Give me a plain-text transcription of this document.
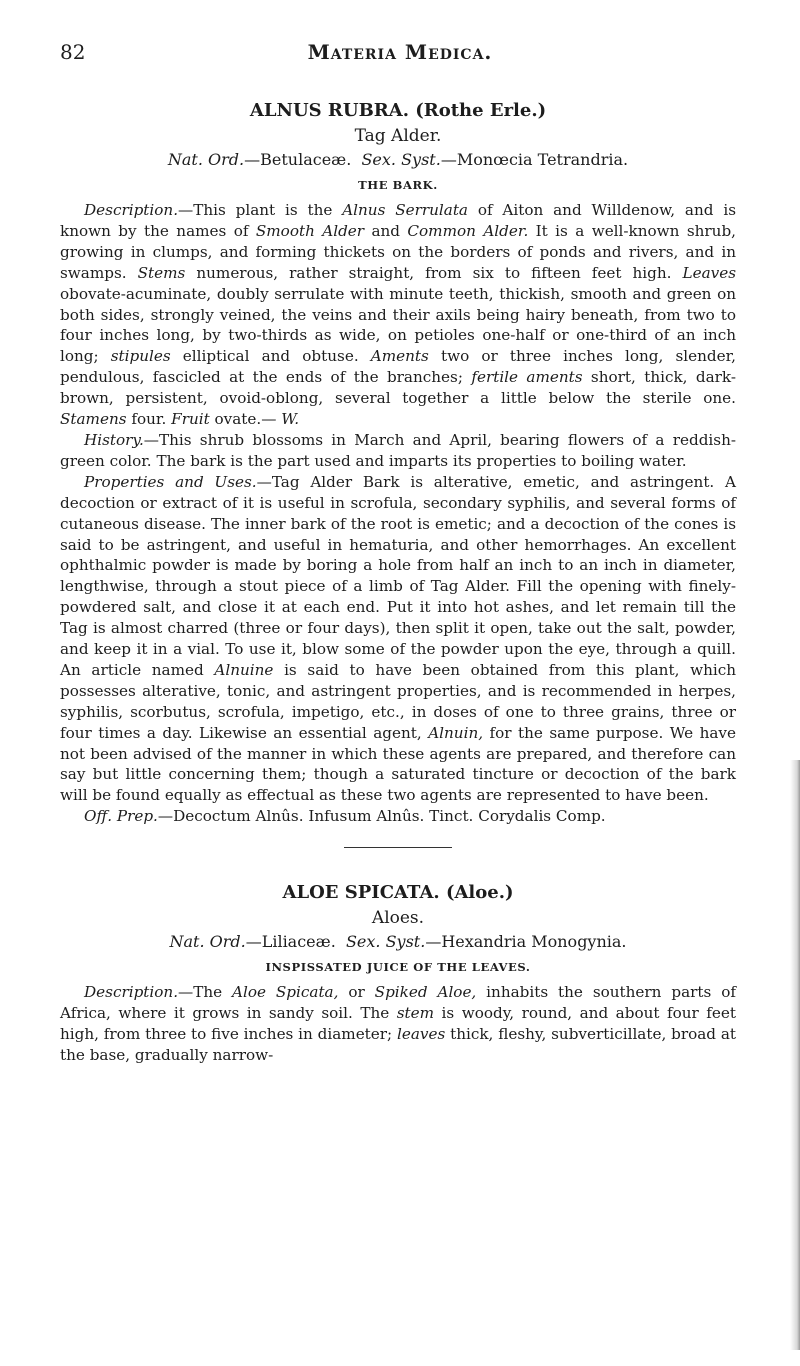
82	Materia Medica.
ALNUS RUBRA. (Rothe Erle.)
Tag Alder.
Nat. Ord.—Betulaceæ. Sex. Syst.—Monœcia Tetrandria.
THE BARK.

Description.—This plant is the Alnus Serrulata of Aiton and Willdenow, and is known by the names of Smooth Alder and Common Alder. It is a well-known shrub, growing in clumps, and forming thickets on the borders of ponds and rivers, and in swamps. Stems numerous, rather straight, from six to fifteen feet high. Leaves obovate-acuminate, doubly serrulate with minute teeth, thickish, smooth and green on both sides, strongly veined, the veins and their axils being hairy beneath, from two to four inches long, by two-thirds as wide, on petioles one-half or one-third of an inch long; stipules elliptical and obtuse. Aments two or three inches long, slender, pendulous, fascicled at the ends of the branches; fertile aments short, thick, dark-brown, persistent, ovoid-oblong, several together a little below the sterile one. Stamens four. Fruit ovate.— W.

History.—This shrub blossoms in March and April, bearing flowers of a reddish-green color. The bark is the part used and imparts its properties to boiling water.

Properties and Uses.—Tag Alder Bark is alterative, emetic, and astringent. A decoction or extract of it is useful in scrofula, secondary syphilis, and several forms of cutaneous disease. The inner bark of the root is emetic; and a decoction of the cones is said to be astringent, and useful in hematuria, and other hemorrhages. An excellent ophthalmic powder is made by boring a hole from half an inch to an inch in diameter, lengthwise, through a stout piece of a limb of Tag Alder. Fill the opening with finely-powdered salt, and close it at each end. Put it into hot ashes, and let remain till the Tag is almost charred (three or four days), then split it open, take out the salt, powder, and keep it in a vial. To use it, blow some of the powder upon the eye, through a quill. An article named Alnuine is said to have been obtained from this plant, which possesses alterative, tonic, and astringent properties, and is recommended in herpes, syphilis, scorbutus, scrofula, impetigo, etc., in doses of one to three grains, three or four times a day. Likewise an essential agent, Alnuin, for the same purpose. We have not been advised of the manner in which these agents are prepared, and therefore can say but little concerning them; though a saturated tincture or decoction of the bark will be found equally as effectual as these two agents are represented to have been.

Off. Prep.—Decoctum Alnûs. Infusum Alnûs. Tinct. Corydalis Comp.

ALOE SPICATA. (Aloe.)
Aloes.
Nat. Ord.—Liliaceæ. Sex. Syst.—Hexandria Monogynia.
INSPISSATED JUICE OF THE LEAVES.

Description.—The Aloe Spicata, or Spiked Aloe, inhabits the southern parts of Africa, where it grows in sandy soil. The stem is woody, round, and about four feet high, from three to five inches in diameter; leaves thick, fleshy, subverticillate, broad at the base, gradually narrow-
